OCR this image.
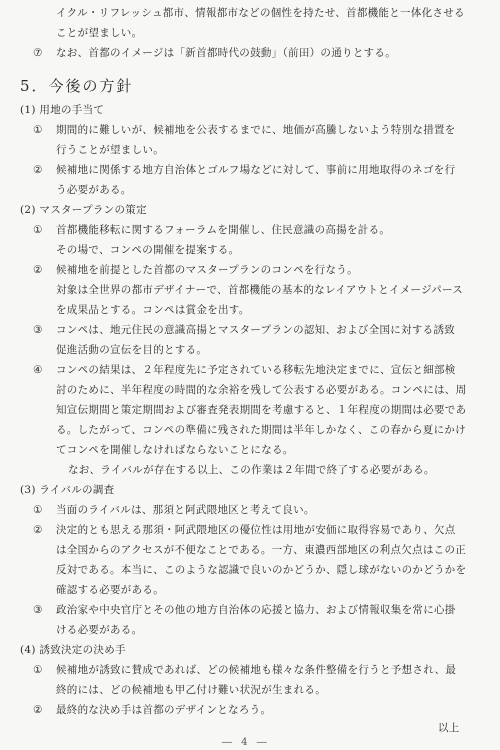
イクル・リフレッシュ都市、情報都市などの個性を持たせ、首都機能と一体化させる
ことが望ましい。
⑦ なお、首都のイメージは「新首都時代の鼓動」（前田）の通りとする。
5．今後の方針
(1) 用地の手当て
① 期間的に難しいが、候補地を公表するまでに、地価が高騰しないよう特別な措置を
行うことが望ましい。
② 候補地に関係する地方自治体とゴルフ場などに対して、事前に用地取得のネゴを行
う必要がある。
(2) マスタープランの策定
① 首都機能移転に関するフォーラムを開催し、住民意識の高揚を計る。
その場で、コンペの開催を提案する。
② 候補地を前提とした首都のマスタープランのコンペを行なう。
対象は全世界の都市デザイナーで、首都機能の基本的なレイアウトとイメージパース
を成果品とする。コンペは賞金を出す。
③ コンペは、地元住民の意識高揚とマスタープランの認知、および全国に対する誘致
促進活動の宣伝を目的とする。
④ コンペの結果は、２年程度先に予定されている移転先地決定までに、宣伝と細部検
討のために、半年程度の時間的な余裕を残して公表する必要がある。コンペには、周
知宣伝期間と策定期間および審査発表期間を考慮すると、１年程度の期間は必要であ
る。したがって、コンペの準備に残された期間は半年しかなく、この春から夏にかけ
てコンペを開催しなければならないことになる。
なお、ライバルが存在する以上、この作業は２年間で終了する必要がある。
(3) ライバルの調査
① 当面のライバルは、那須と阿武隈地区と考えて良い。
② 決定的とも思える那須・阿武隈地区の優位性は用地が安価に取得容易であり、欠点
は全国からのアクセスが不便なことである。一方、東濃西部地区の利点欠点はこの正
反対である。本当に、このような認識で良いのかどうか、隠し球がないのかどうかを
確認する必要がある。
③ 政治家や中央官庁とその他の地方自治体の応援と協力、および情報収集を常に心掛
ける必要がある。
(4) 誘致決定の決め手
① 候補地が誘致に賛成であれば、どの候補地も様々な条件整備を行うと予想され、最
終的には、どの候補地も甲乙付け難い状況が生まれる。
② 最終的な決め手は首都のデザインとなろう。
以上
― 4 ―
